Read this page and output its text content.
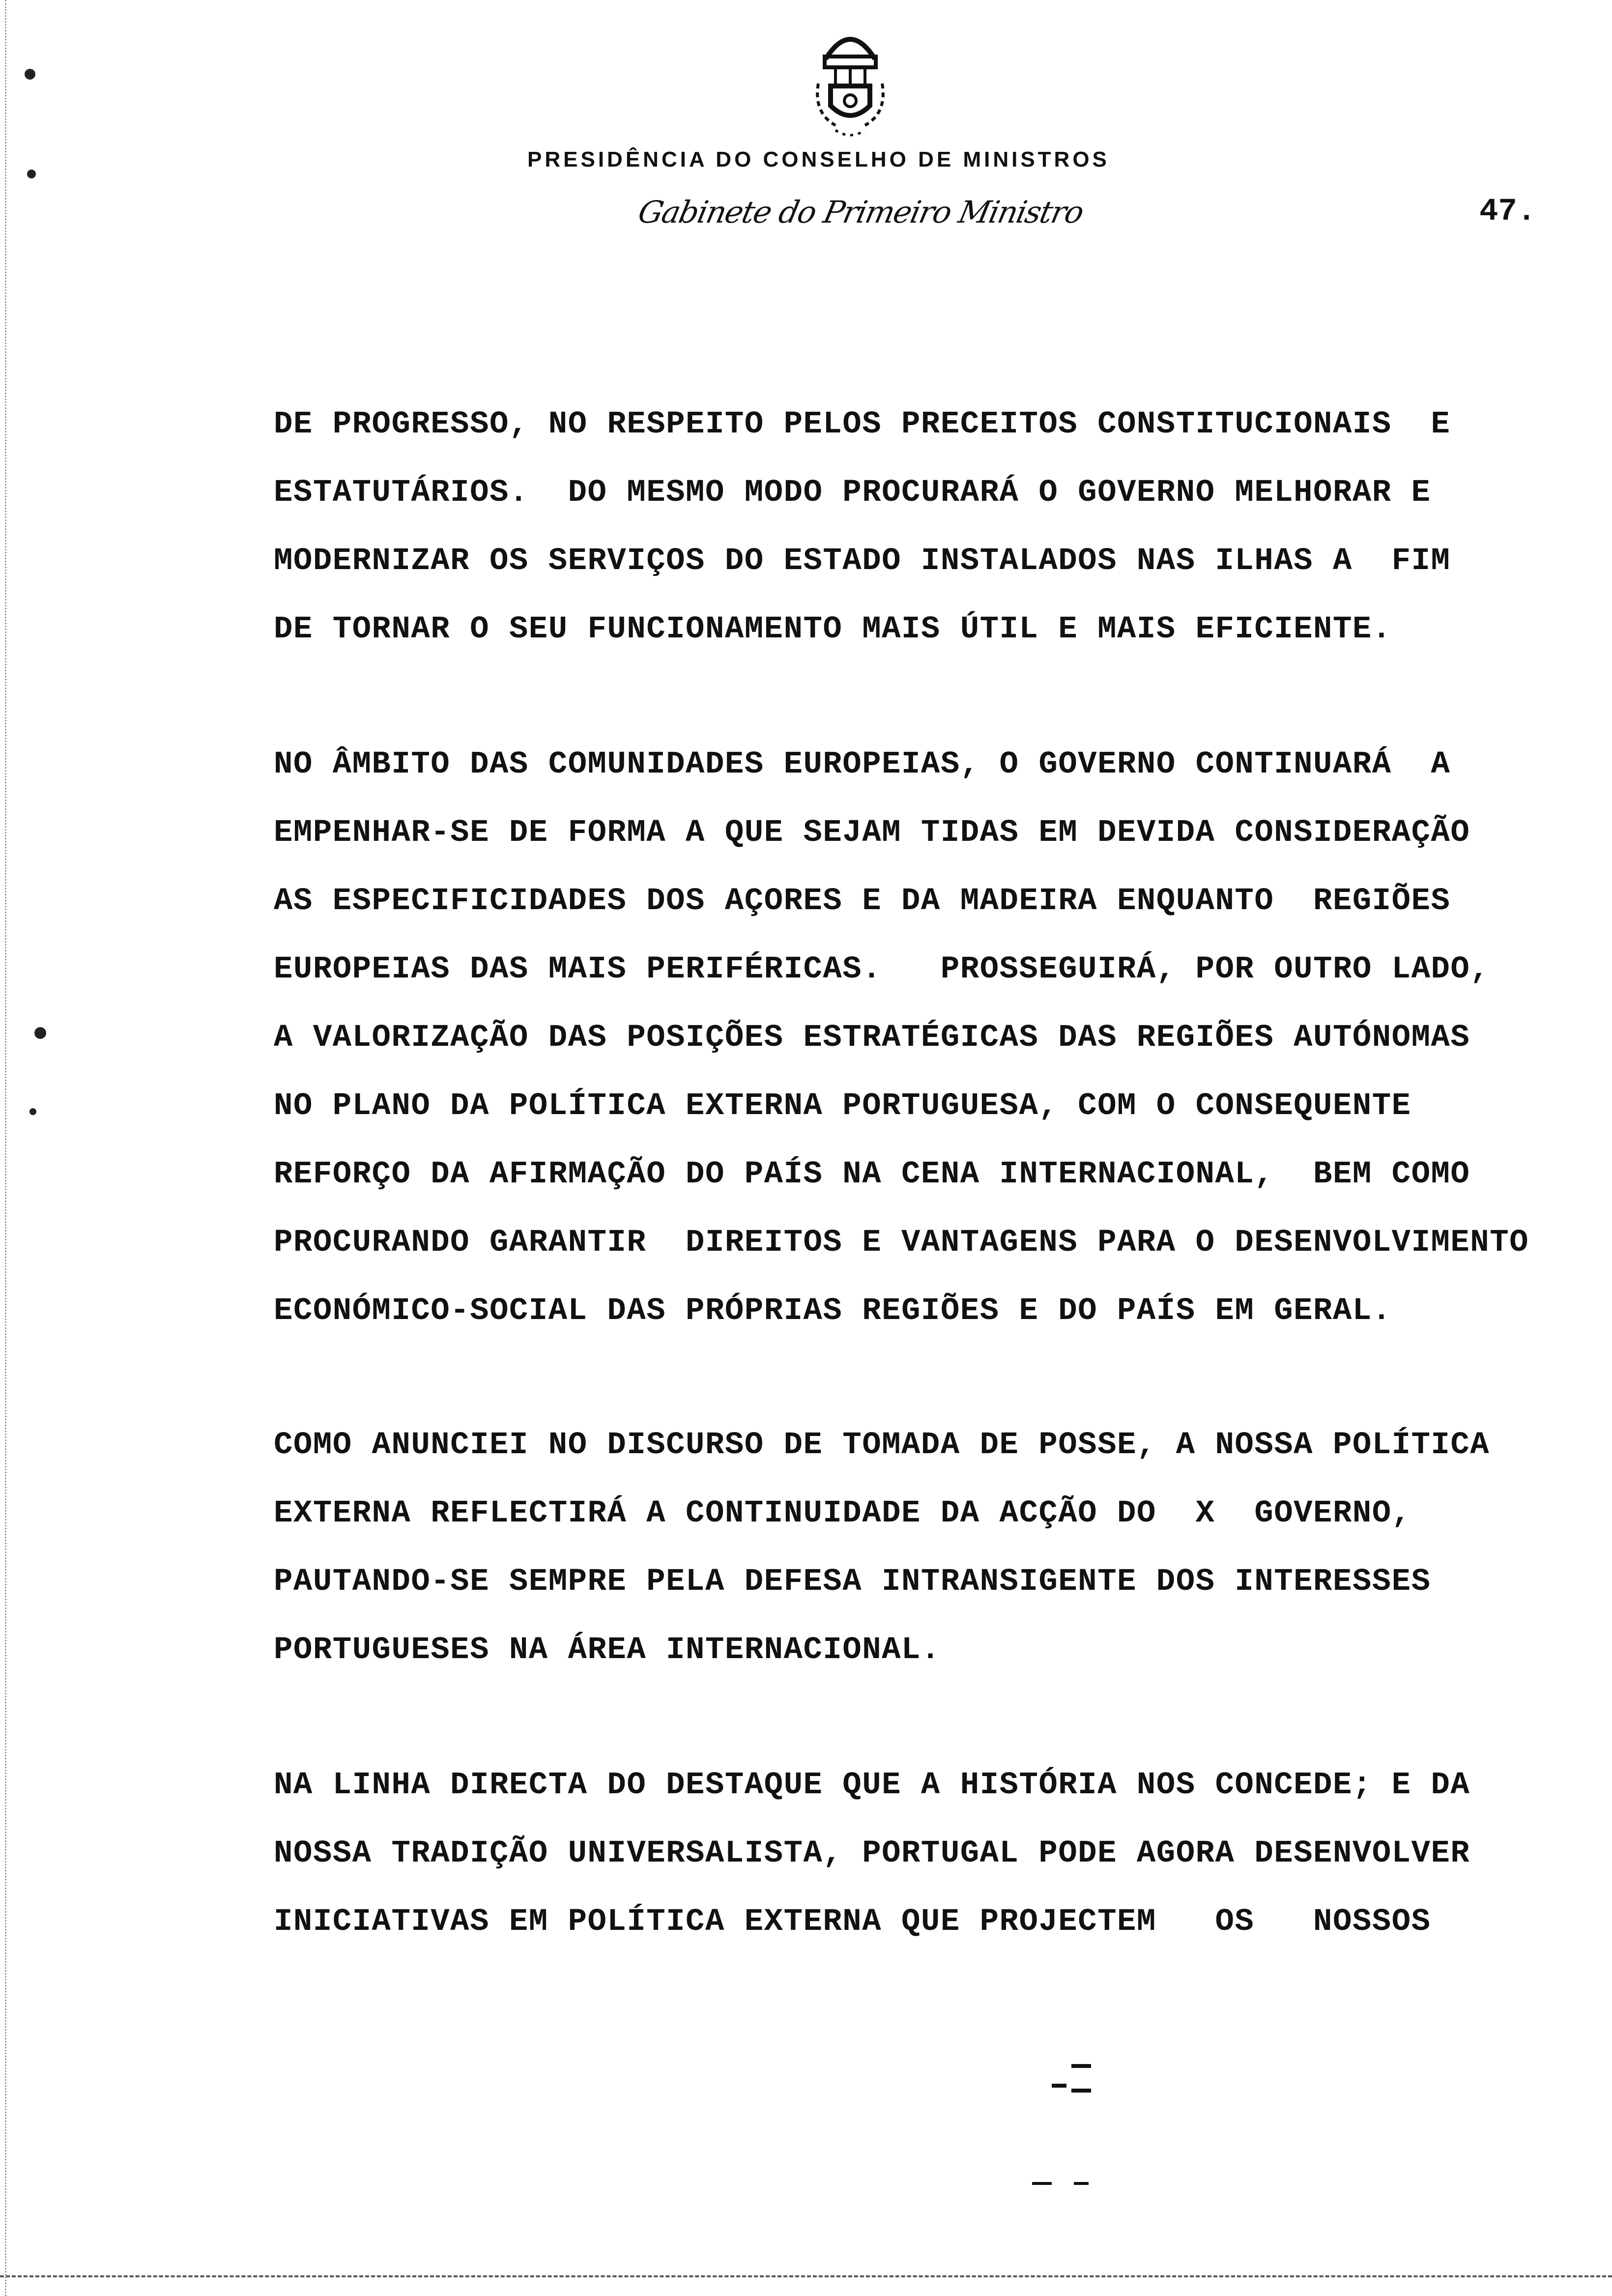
PRESIDÊNCIA DO CONSELHO DE MINISTROS
Gabinete do Primeiro Ministro	47.
DE PROGRESSO, NO RESPEITO PELOS PRECEITOS CONSTITUCIONAIS  E
ESTATUTÁRIOS.  DO MESMO MODO PROCURARÁ O GOVERNO MELHORAR E
MODERNIZAR OS SERVIÇOS DO ESTADO INSTALADOS NAS ILHAS A  FIM
DE TORNAR O SEU FUNCIONAMENTO MAIS ÚTIL E MAIS EFICIENTE.
NO ÂMBITO DAS COMUNIDADES EUROPEIAS, O GOVERNO CONTINUARÁ  A
EMPENHAR-SE DE FORMA A QUE SEJAM TIDAS EM DEVIDA CONSIDERAÇÃO
AS ESPECIFICIDADES DOS AÇORES E DA MADEIRA ENQUANTO  REGIÕES
EUROPEIAS DAS MAIS PERIFÉRICAS.   PROSSEGUIRÁ, POR OUTRO LADO,
A VALORIZAÇÃO DAS POSIÇÕES ESTRATÉGICAS DAS REGIÕES AUTÓNOMAS
NO PLANO DA POLÍTICA EXTERNA PORTUGUESA, COM O CONSEQUENTE
REFORÇO DA AFIRMAÇÃO DO PAÍS NA CENA INTERNACIONAL,  BEM COMO
PROCURANDO GARANTIR  DIREITOS E VANTAGENS PARA O DESENVOLVIMENTO
ECONÓMICO-SOCIAL DAS PRÓPRIAS REGIÕES E DO PAÍS EM GERAL.
COMO ANUNCIEI NO DISCURSO DE TOMADA DE POSSE, A NOSSA POLÍTICA
EXTERNA REFLECTIRÁ A CONTINUIDADE DA ACÇÃO DO  X  GOVERNO,
PAUTANDO-SE SEMPRE PELA DEFESA INTRANSIGENTE DOS INTERESSES
PORTUGUESES NA ÁREA INTERNACIONAL.
NA LINHA DIRECTA DO DESTAQUE QUE A HISTÓRIA NOS CONCEDE; E DA
NOSSA TRADIÇÃO UNIVERSALISTA, PORTUGAL PODE AGORA DESENVOLVER
INICIATIVAS EM POLÍTICA EXTERNA QUE PROJECTEM   OS   NOSSOS
